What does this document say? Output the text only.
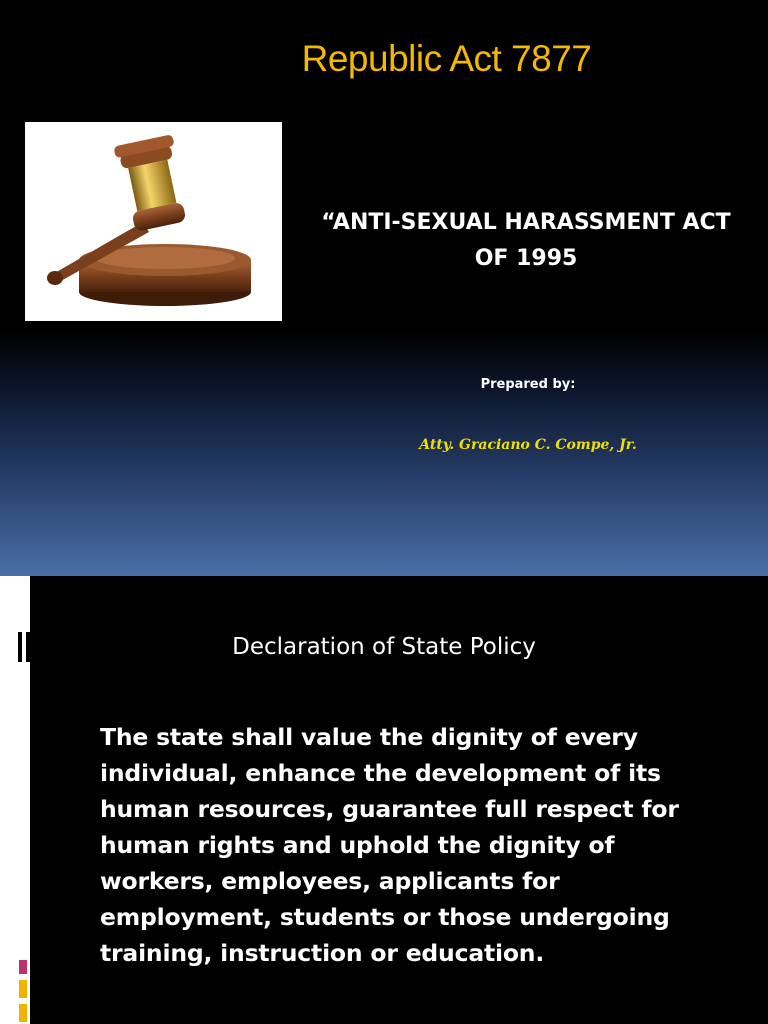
Republic Act 7877
“ANTI-SEXUAL HARASSMENT ACT
OF 1995
Prepared by:
Atty. Graciano C. Compe, Jr.
Declaration of State Policy
The state shall value the dignity of every
individual, enhance the development of its
human resources, guarantee full respect for
human rights and uphold the dignity of
workers, employees, applicants for
employment, students or those undergoing
training, instruction or education.
